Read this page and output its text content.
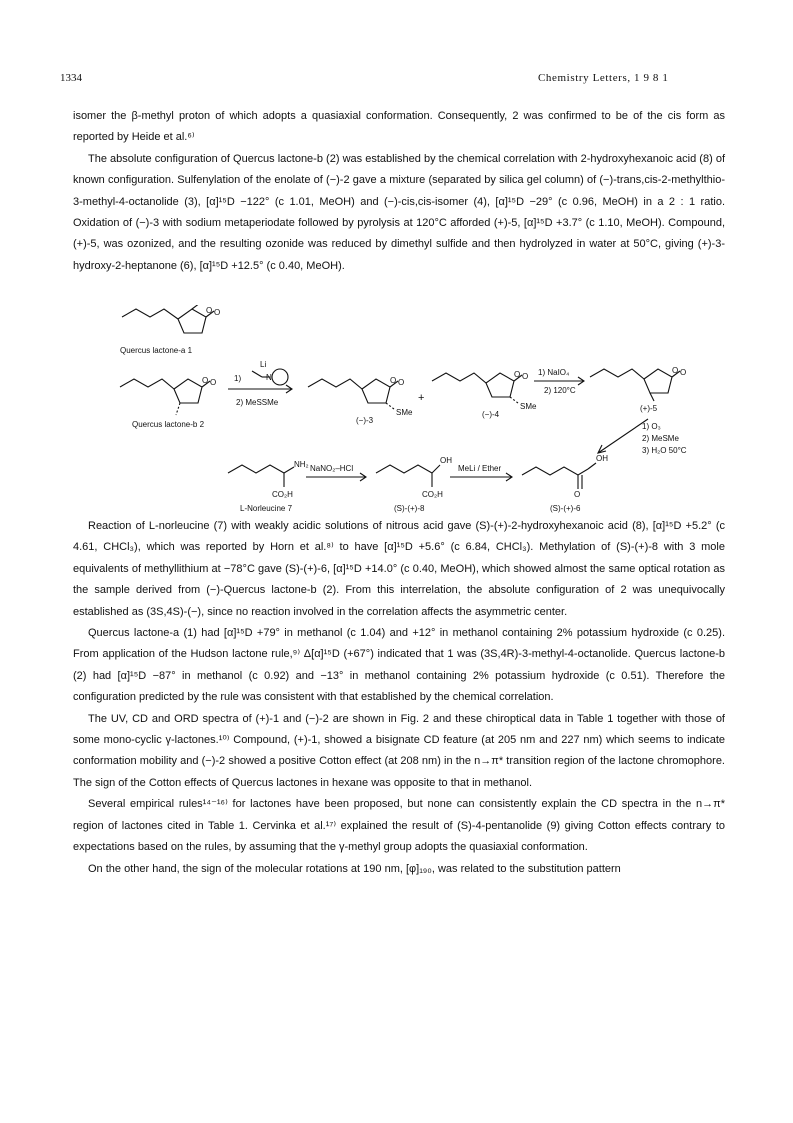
1334	Chemistry Letters, 1 9 8 1

isomer the β-methyl proton of which adopts a quasiaxial conformation. Consequently, 2 was confirmed to be of the cis form as reported by Heide et al.⁶⁾

The absolute configuration of Quercus lactone-b (2) was established by the chemical correlation with 2-hydroxyhexanoic acid (8) of known configuration. Sulfenylation of the enolate of (−)-2 gave a mixture (separated by silica gel column) of (−)-trans,cis-2-methylthio-3-methyl-4-octanolide (3), [α]¹⁵D −122° (c 1.01, MeOH) and (−)-cis,cis-isomer (4), [α]¹⁵D −29° (c 0.96, MeOH) in a 2 : 1 ratio. Oxidation of (−)-3 with sodium metaperiodate followed by pyrolysis at 120°C afforded (+)-5, [α]¹⁵D +3.7° (c 1.10, MeOH). Compound,(+)-5, was ozonized, and the resulting ozonide was reduced by dimethyl sulfide and then hydrolyzed in water at 50°C, giving (+)-3-hydroxy-2-heptanone (6), [α]¹⁵D +12.5° (c 0.40, MeOH).

O O
Quercus lactone-a 1
O O
Quercus lactone-b 2
Li
1)	N
2) MeSSMe
O O
SMe
(−)-3
+
O O
SMe
(−)-4
1) NaIO₄
2) 120°C
O O
(+)-5
1) O₃
2) MeSMe
3) H₂O 50°C
NH₂
CO₂H
NaNO₂–HCl
OH
CO₂H
MeLi / Ether
OH
O
L-Norleucine 7	(S)-(+)-8	(S)-(+)-6

Reaction of L-norleucine (7) with weakly acidic solutions of nitrous acid gave (S)-(+)-2-hydroxyhexanoic acid (8), [α]¹⁵D +5.2° (c 4.61, CHCl₃), which was reported by Horn et al.⁸⁾ to have [α]¹⁵D +5.6° (c 6.84, CHCl₃). Methylation of (S)-(+)-8 with 3 mole equivalents of methyllithium at −78°C gave (S)-(+)-6, [α]¹⁵D +14.0° (c 0.40, MeOH), which showed almost the same optical rotation as the sample derived from (−)-Quercus lactone-b (2). From this interrelation, the absolute configuration of 2 was unequivocally established as (3S,4S)-(−), since no reaction involved in the correlation affects the asymmetric center.

Quercus lactone-a (1) had [α]¹⁵D +79° in methanol (c 1.04) and +12° in methanol containing 2% potassium hydroxide (c 0.25). From application of the Hudson lactone rule,⁹⁾ Δ[α]¹⁵D (+67°) indicated that 1 was (3S,4R)-3-methyl-4-octanolide. Quercus lactone-b (2) had [α]¹⁵D −87° in methanol (c 0.92) and −13° in methanol containing 2% potassium hydroxide (c 0.51). Therefore the configuration predicted by the rule was consistent with that established by the chemical correlation.

The UV, CD and ORD spectra of (+)-1 and (−)-2 are shown in Fig. 2 and these chiroptical data in Table 1 together with those of some mono-cyclic γ-lactones.¹⁰⁾ Compound, (+)-1, showed a bisignate CD feature (at 205 nm and 227 nm) which seems to indicate conformation mobility and (−)-2 showed a positive Cotton effect (at 208 nm) in the n→π* transition region of the lactone chromophore. The sign of the Cotton effects of Quercus lactones in hexane was opposite to that in methanol.

Several empirical rules¹⁴⁻¹⁶⁾ for lactones have been proposed, but none can consistently explain the CD spectra in the n→π* region of lactones cited in Table 1. Cervinka et al.¹⁷⁾ explained the result of (S)-4-pentanolide (9) giving Cotton effects contrary to expectations based on the rules, by assuming that the γ-methyl group adopts the quasiaxial conformation.

On the other hand, the sign of the molecular rotations at 190 nm, [φ]₁₉₀, was related to the substitution pattern
